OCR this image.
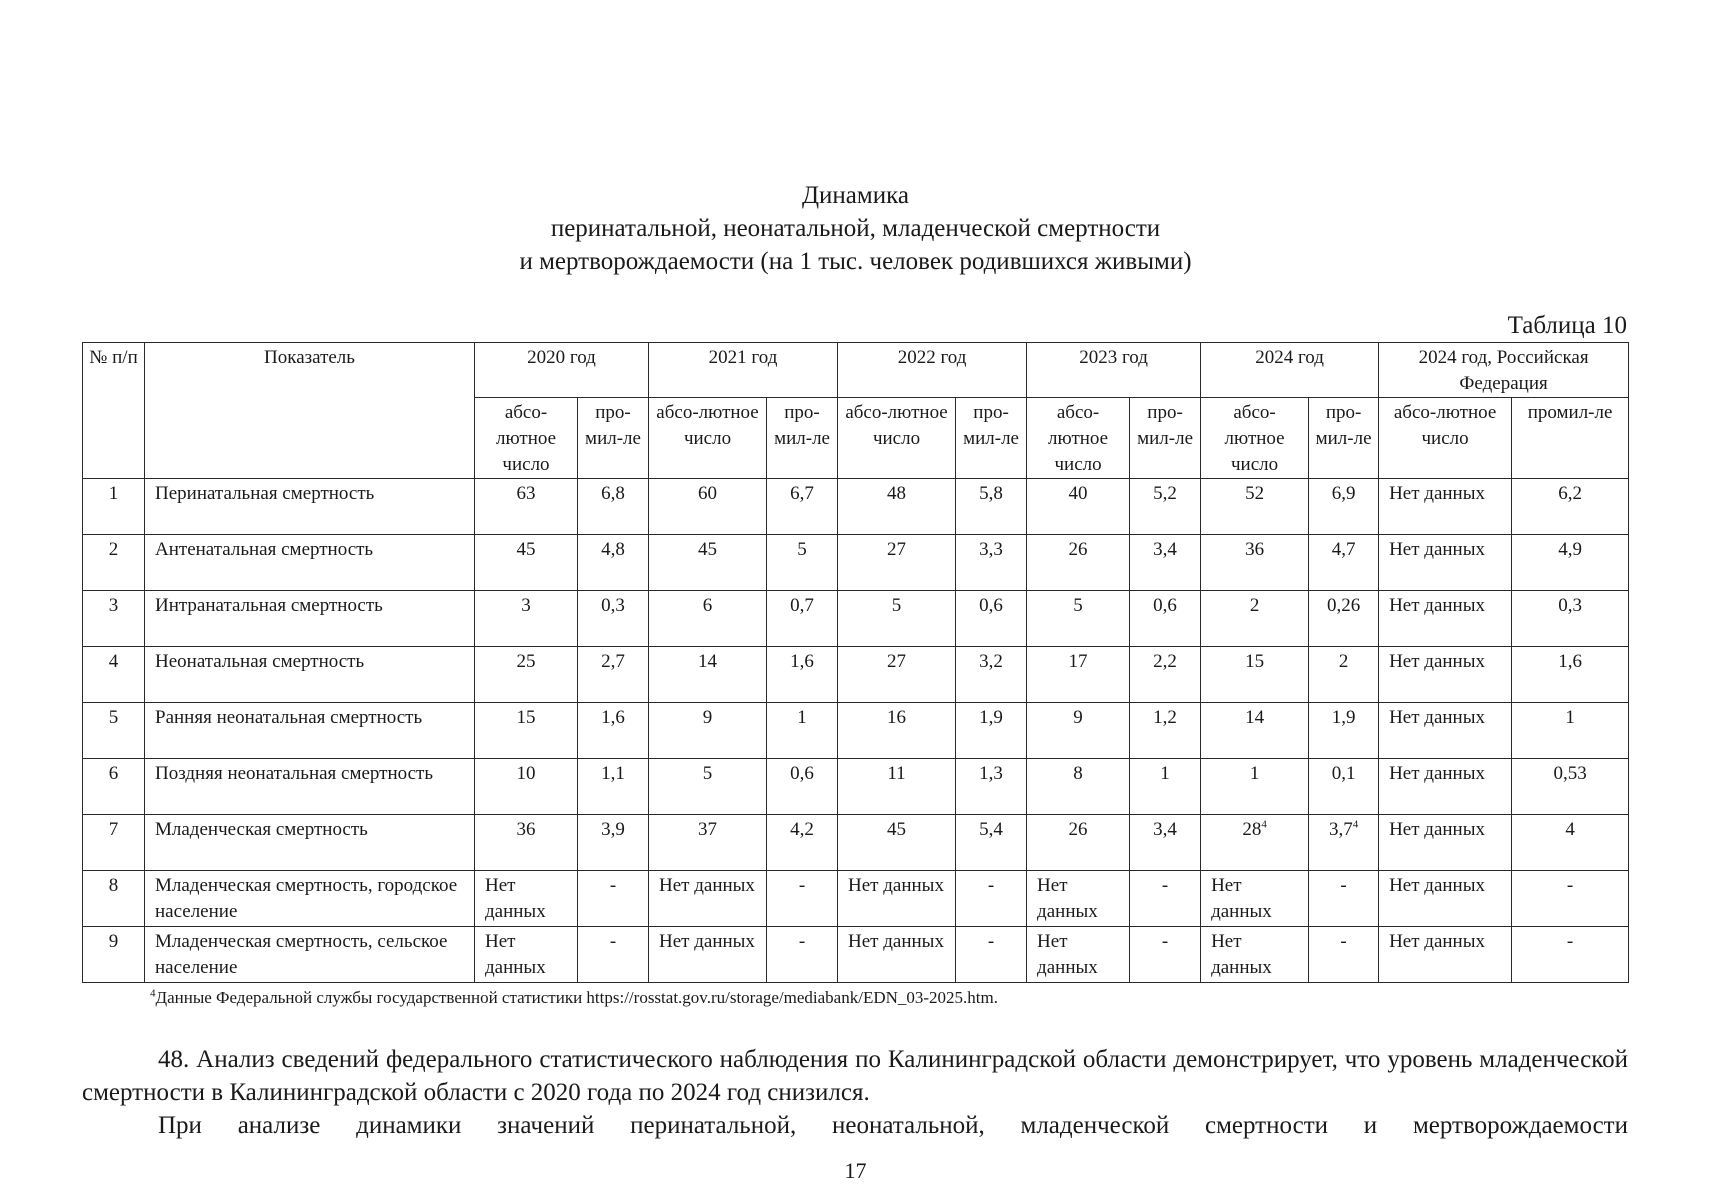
Динамика
перинатальной, неонатальной, младенческой смертности
и мертворождаемости (на 1 тыс. человек родившихся живыми)
Таблица 10
№ п/п	Показатель	2020 год		2021 год		2022 год		2023 год		2024 год		2024 год, Российская Федерация	
		абсо-лютное число	про-мил-ле	абсо-лютное число	про-мил-ле	абсо-лютное число	про-мил-ле	абсо-лютное число	про-мил-ле	абсо-лютное число	про-мил-ле	абсо-лютное число	промил-ле
1	Перинатальная смертность	63	6,8	60	6,7	48	5,8	40	5,2	52	6,9	Нет данных	6,2
2	Антенатальная смертность	45	4,8	45	5	27	3,3	26	3,4	36	4,7	Нет данных	4,9
3	Интранатальная смертность	3	0,3	6	0,7	5	0,6	5	0,6	2	0,26	Нет данных	0,3
4	Неонатальная смертность	25	2,7	14	1,6	27	3,2	17	2,2	15	2	Нет данных	1,6
5	Ранняя неонатальная смертность	15	1,6	9	1	16	1,9	9	1,2	14	1,9	Нет данных	1
6	Поздняя неонатальная смертность	10	1,1	5	0,6	11	1,3	8	1	1	0,1	Нет данных	0,53
7	Младенческая смертность	36	3,9	37	4,2	45	5,4	26	3,4	$28^4$	$3,7^4$	Нет данных	4
8	Младенческая смертность, городское население	Нет данных	-	Нет данных	-	Нет данных	-	Нет данных	-	Нет данных	-	Нет данных	-
9	Младенческая смертность, сельское население	Нет данных	-	Нет данных	-	Нет данных	-	Нет данных	-	Нет данных	-	Нет данных	-
$^4$Данные Федеральной службы государственной статистики https://rosstat.gov.ru/storage/mediabank/EDN_03-2025.htm.
48. Анализ сведений федерального статистического наблюдения по Калининградской области демонстрирует, что уровень младенческой смертности в Калининградской области с 2020 года по 2024 год снизился.
При анализе динамики значений перинатальной, неонатальной, младенческой смертности и мертворождаемости
17
